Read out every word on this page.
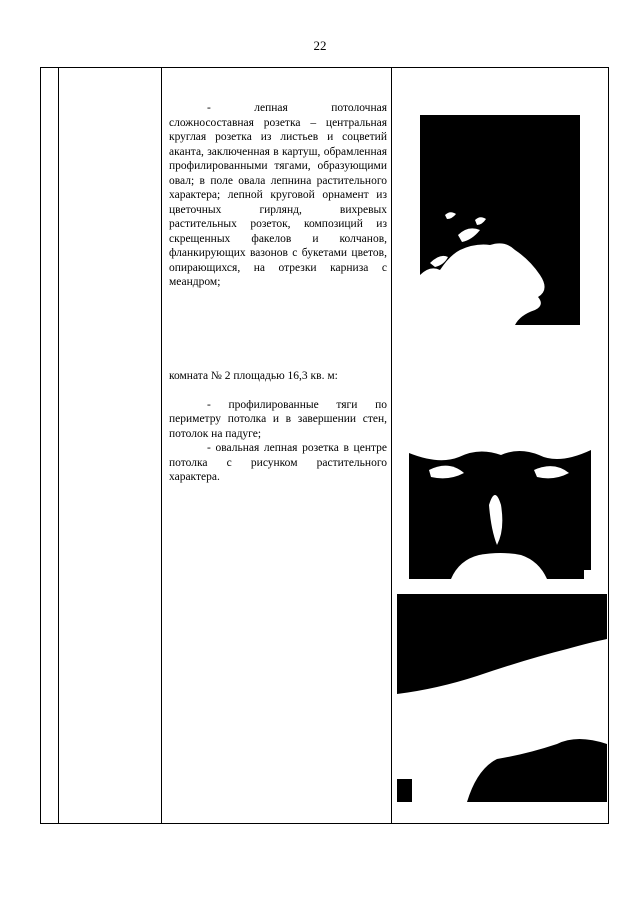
22

- лепная потолочная сложносоставная розетка – центральная круглая розетка из листьев и соцветий аканта, заключенная в картуш, обрамленная профилированными тягами, образующими овал; в поле овала лепнина растительного характера; лепной круговой орнамент из цветочных гирлянд, вихревых растительных розеток, композиций из скрещенных факелов и колчанов, фланкирующих вазонов с букетами цветов, опирающихся, на отрезки карниза с меандром;

комната № 2 площадью 16,3 кв. м:

- профилированные тяги по периметру потолка и в завершении стен, потолок на падуге;

- овальная лепная розетка в центре потолка с рисунком растительного характера.
